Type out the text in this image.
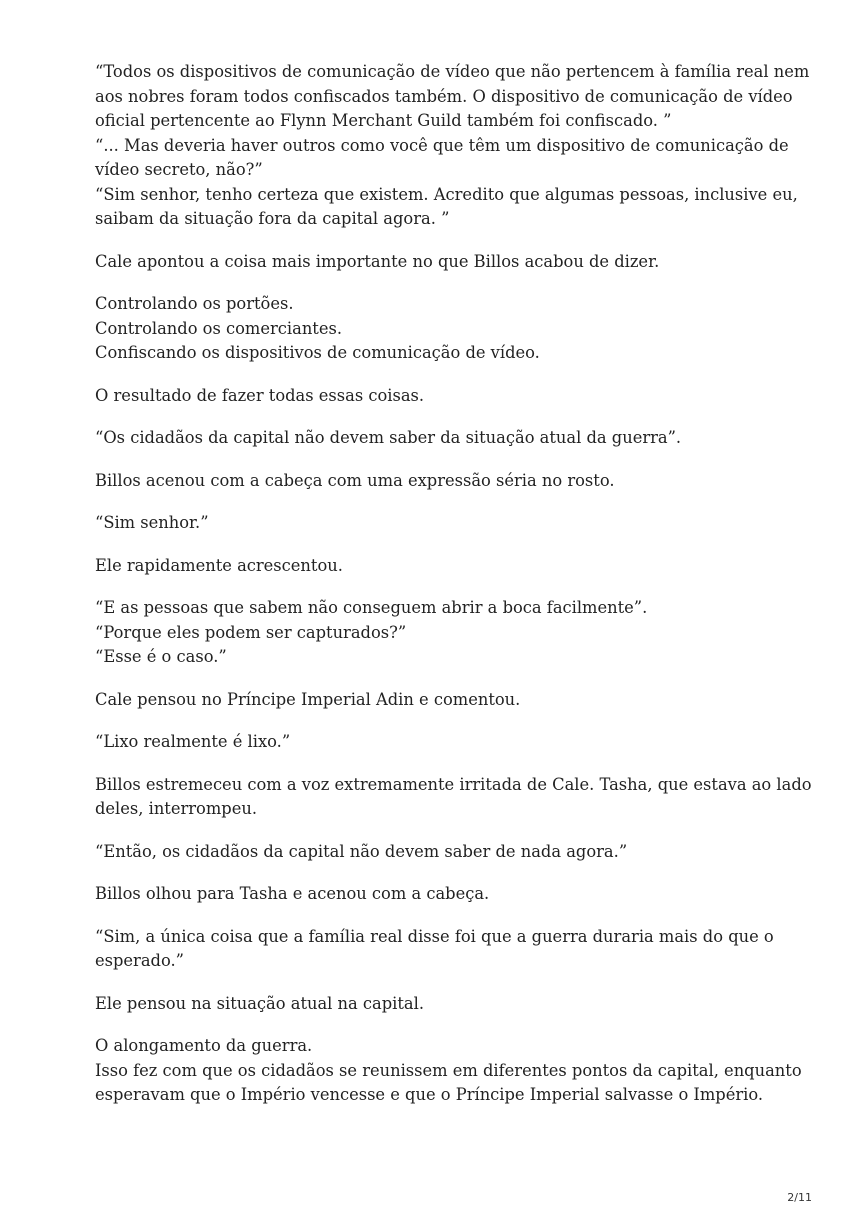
“Todos os dispositivos de comunicação de vídeo que não pertencem à família real nem
aos nobres foram todos confiscados também. O dispositivo de comunicação de vídeo
oficial pertencente ao Flynn Merchant Guild também foi confiscado. ”
“... Mas deveria haver outros como você que têm um dispositivo de comunicação de
vídeo secreto, não?”
“Sim senhor, tenho certeza que existem. Acredito que algumas pessoas, inclusive eu,
saibam da situação fora da capital agora. ”

Cale apontou a coisa mais importante no que Billos acabou de dizer.

Controlando os portões.
Controlando os comerciantes.
Confiscando os dispositivos de comunicação de vídeo.

O resultado de fazer todas essas coisas.

“Os cidadãos da capital não devem saber da situação atual da guerra”.

Billos acenou com a cabeça com uma expressão séria no rosto.

“Sim senhor.”

Ele rapidamente acrescentou.

“E as pessoas que sabem não conseguem abrir a boca facilmente”.
“Porque eles podem ser capturados?”
“Esse é o caso.”

Cale pensou no Príncipe Imperial Adin e comentou.

“Lixo realmente é lixo.”

Billos estremeceu com a voz extremamente irritada de Cale. Tasha, que estava ao lado
deles, interrompeu.

“Então, os cidadãos da capital não devem saber de nada agora.”

Billos olhou para Tasha e acenou com a cabeça.

“Sim, a única coisa que a família real disse foi que a guerra duraria mais do que o
esperado.”

Ele pensou na situação atual na capital.

O alongamento da guerra.
Isso fez com que os cidadãos se reunissem em diferentes pontos da capital, enquanto
esperavam que o Império vencesse e que o Príncipe Imperial salvasse o Império.

2/11
